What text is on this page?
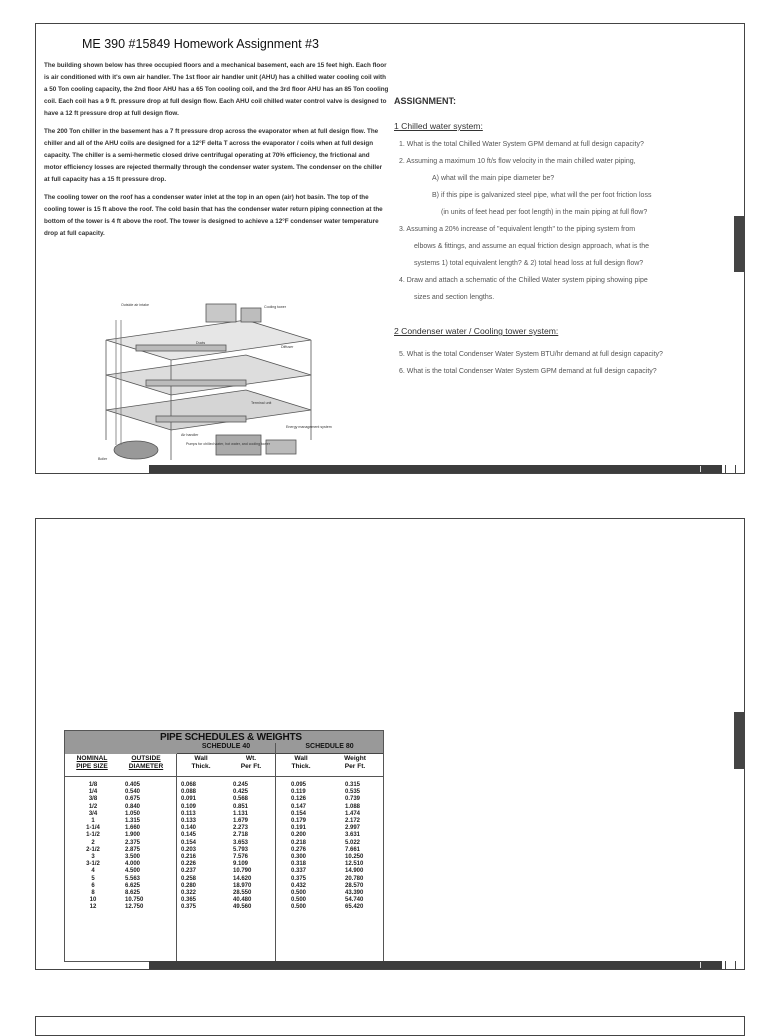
ME 390 #15849 Homework Assignment #3

The building shown below has three occupied floors and a mechanical basement, each are 15 feet high. Each floor is air conditioned with it's own air handler. The 1st floor air handler unit (AHU) has a chilled water cooling coil with a 50 Ton cooling capacity, the 2nd floor AHU has a 65 Ton cooling coil, and the 3rd floor AHU has an 85 Ton cooling coil. Each coil has a 9 ft. pressure drop at full design flow. Each AHU coil chilled water control valve is designed to have a 12 ft pressure drop at full design flow.

The 200 Ton chiller in the basement has a 7 ft pressure drop across the evaporator when at full design flow. The chiller and all of the AHU coils are designed for a 12°F delta T across the evaporator / coils when at full design capacity. The chiller is a semi-hermetic closed drive centrifugal operating at 70% efficiency, the frictional and motor efficiency losses are rejected thermally through the condenser water system. The condenser on the chiller at full capacity has a 15 ft pressure drop.

The cooling tower on the roof has a condenser water inlet at the top in an open (air) hot basin. The top of the cooling tower is 15 ft above the roof. The cold basin that has the condenser water return piping connection at the bottom of the tower is 4 ft above the roof. The tower is designed to achieve a 12°F condenser water temperature drop at full capacity.

Outside air intake	Cooling tower
Ducts
Diffuser
Terminal unit
Air handler
Energy management system
Pumps for chilled water, hot water, and cooling tower
Boiler
ASSIGNMENT:
1 Chilled water system:
1. What is the total Chilled Water System GPM demand at full design capacity?
2. Assuming a maximum 10 ft/s flow velocity in the main chilled water piping,
A) what will the main pipe diameter be?
B) if this pipe is galvanized steel pipe, what will the per foot friction loss
(in units of feet head per foot length) in the main piping at full flow?
3. Assuming a 20% increase of "equivalent length" to the piping system from
elbows & fittings, and assume an equal friction design approach, what is the
systems 1) total equivalent length? & 2) total head loss at full design flow?
4. Draw and attach a schematic of the Chilled Water system piping showing pipe
sizes and section lengths.
2 Condenser water / Cooling tower system:
5. What is the total Condenser Water System BTU/hr demand at full design capacity?
6. What is the total Condenser Water System GPM demand at full design capacity?
PIPE SCHEDULES & WEIGHTS
SCHEDULE 40	SCHEDULE 80
NOMINAL
PIPE SIZE
OUTSIDE
DIAMETER
Wall
Thick.
Wt.
Per Ft.
Wall
Thick.
Weight
Per Ft.
1/8
1/4
3/8
1/2
3/4
1
1-1/4
1-1/2
2
2-1/2
3
3-1/2
4
5
6
8
10
12
0.405
0.540
0.675
0.840
1.050
1.315
1.660
1.900
2.375
2.875
3.500
4.000
4.500
5.563
6.625
8.625
10.750
12.750
0.068
0.088
0.091
0.109
0.113
0.133
0.140
0.145
0.154
0.203
0.216
0.226
0.237
0.258
0.280
0.322
0.365
0.375
0.245
0.425
0.568
0.851
1.131
1.679
2.273
2.718
3.653
5.793
7.576
9.109
10.790
14.620
18.970
28.550
40.480
49.560
0.095
0.119
0.126
0.147
0.154
0.179
0.191
0.200
0.218
0.276
0.300
0.318
0.337
0.375
0.432
0.500
0.500
0.500
0.315
0.535
0.739
1.088
1.474
2.172
2.997
3.631
5.022
7.661
10.250
12.510
14.900
20.780
28.570
43.390
54.740
65.420
